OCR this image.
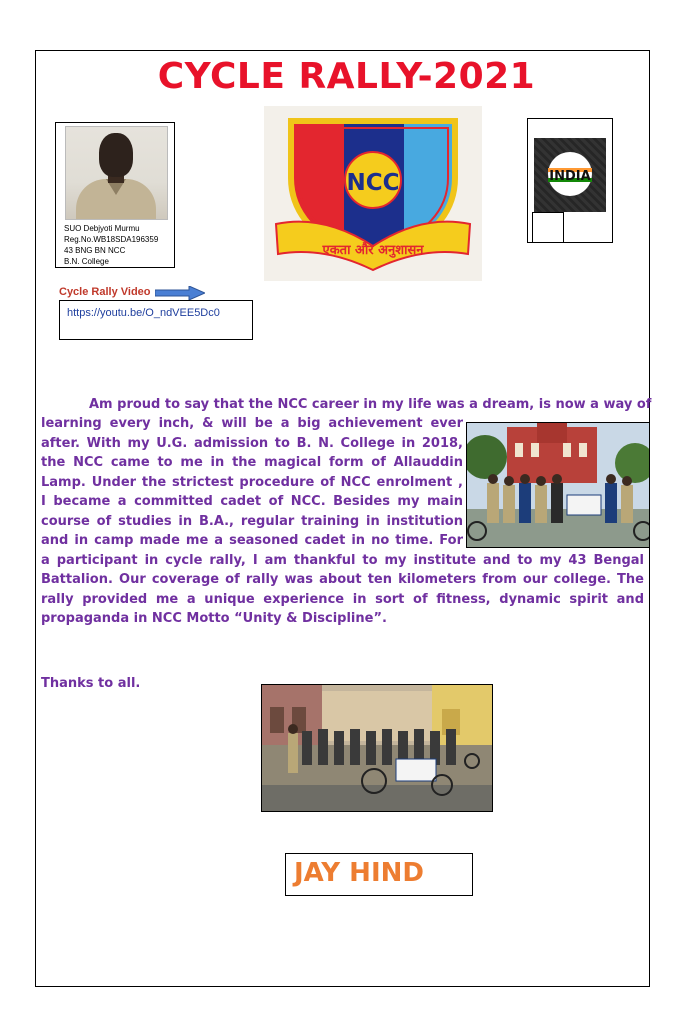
CYCLE RALLY-2021
SUO Debjyoti Murmu
Reg.No.WB18SDA196359
43 BNG BN NCC
B.N. College
NCC
एकता और अनुशासन
INDIA
Cycle Rally Video
https://youtu.be/O_ndVEE5Dc0
Am proud to say that the NCC career in my life was a dream, is now a way of
learning every inch, & will be a big achievement ever
after. With my U.G. admission to B. N. College in 2018,
the NCC came to me in the magical form of Allauddin
Lamp. Under the strictest procedure of NCC enrolment ,
I became a committed cadet of NCC. Besides my main
course of studies in B.A., regular training in institution
and in camp made me a seasoned cadet in no time. For
a participant in cycle rally, I am thankful to my institute and to my 43 Bengal
Battalion. Our coverage of rally was about ten kilometers from our college. The
rally provided me a unique experience in sort of fitness, dynamic spirit and
propaganda in NCC Motto “Unity & Discipline”.
Thanks to all.
JAY HIND
